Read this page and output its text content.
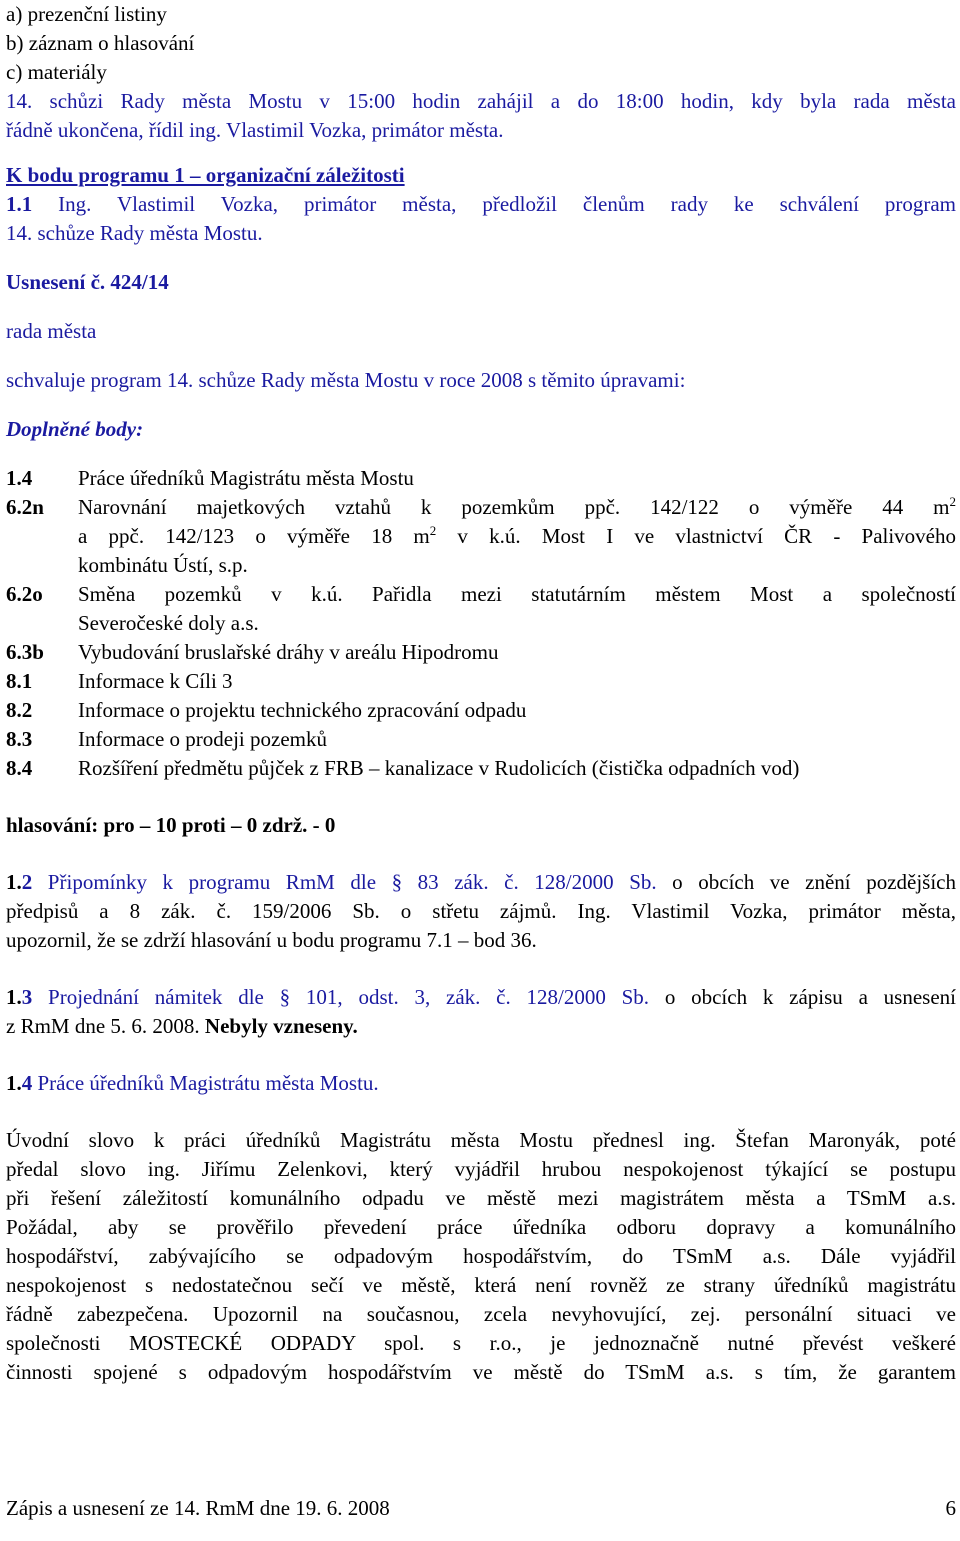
a) prezenční listiny
b) záznam o hlasování
c) materiály
14. schůzi Rady města Mostu v 15:00 hodin zahájil a do 18:00 hodin, kdy byla rada města
řádně ukončena, řídil ing. Vlastimil Vozka, primátor města.
K bodu programu 1 – organizační záležitosti
1.1 Ing. Vlastimil Vozka, primátor města, předložil členům rady ke schválení program
14. schůze Rady města Mostu.
Usnesení č. 424/14
rada města
schvaluje program 14. schůze Rady města Mostu v roce 2008 s těmito úpravami:
Doplněné body:
1.4	Práce úředníků Magistrátu města Mostu
6.2n	Narovnání majetkových vztahů k pozemkům ppč. 142/122 o výměře 44 $m^2$
a ppč. 142/123 o výměře 18 $m^2$ v k.ú. Most I ve vlastnictví ČR - Palivového
kombinátu Ústí, s.p.
6.2o	Směna pozemků v k.ú. Pařidla mezi statutárním městem Most a společností
Severočeské doly a.s.
6.3b	Vybudování bruslařské dráhy v areálu Hipodromu
8.1	Informace k Cíli 3
8.2	Informace o projektu technického zpracování odpadu
8.3	Informace o prodeji pozemků
8.4	Rozšíření předmětu půjček z FRB – kanalizace v Rudolicích (čistička odpadních vod)
hlasování: pro – 10 proti – 0 zdrž. - 0
1.2 Připomínky k programu RmM dle § 83 zák. č. 128/2000 Sb. o obcích ve znění pozdějších
předpisů a 8 zák. č. 159/2006 Sb. o střetu zájmů. Ing. Vlastimil Vozka, primátor města,
upozornil, že se zdrží hlasování u bodu programu 7.1 – bod 36.
1.3 Projednání námitek dle § 101, odst. 3, zák. č. 128/2000 Sb. o obcích k zápisu a usnesení
z RmM dne 5. 6. 2008. Nebyly vzneseny.
1.4 Práce úředníků Magistrátu města Mostu.
Úvodní slovo k práci úředníků Magistrátu města Mostu přednesl ing. Štefan Maronyák, poté
předal slovo ing. Jiřímu Zelenkovi, který vyjádřil hrubou nespokojenost týkající se postupu
při řešení záležitostí komunálního odpadu ve městě mezi magistrátem města a TSmM a.s.
Požádal, aby se prověřilo převedení práce úředníka odboru dopravy a komunálního
hospodářství, zabývajícího se odpadovým hospodářstvím, do TSmM a.s. Dále vyjádřil
nespokojenost s nedostatečnou sečí ve městě, která není rovněž ze strany úředníků magistrátu
řádně zabezpečena. Upozornil na současnou, zcela nevyhovující, zej. personální situaci ve
společnosti MOSTECKÉ ODPADY spol. s r.o., je jednoznačně nutné převést veškeré
činnosti spojené s odpadovým hospodářstvím ve městě do TSmM a.s. s tím, že garantem
Zápis a usnesení ze 14. RmM dne 19. 6. 2008	6
